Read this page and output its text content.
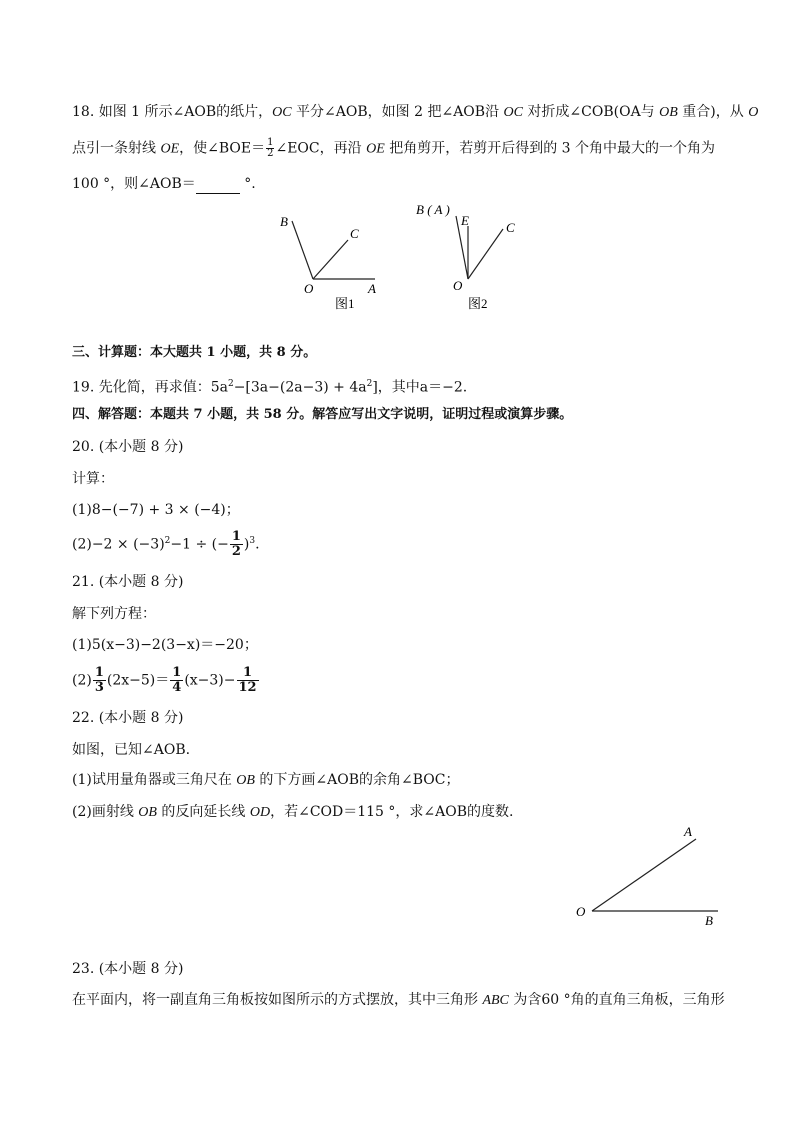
18. 如图 1 所示∠AOB的纸片，OC 平分∠AOB，如图 2 把∠AOB沿 OC 对折成∠COB(OA与 OB 重合)，从 O
点引一条射线 OE，使∠BOE＝ $\frac{1}{2}$ ∠EOC，再沿 OE 把角剪开，若剪开后得到的 3 个角中最大的一个角为
100 °，则∠AOB＝	°.
B
C
O	A
图1
B ( A )
E	C
O
图2
三、计算题：本大题共 1 小题，共 8 分。
19. 先化简，再求值：$5a^2-[3a-(2a-3) + 4a^2]$，其中a＝−2.
四、解答题：本题共 7 小题，共 58 分。解答应写出文字说明，证明过程或演算步骤。
20. (本小题 8 分)
计算：
(1)8−(−7) + 3 × (−4)；
$(2)-2 \times (-3)^2-1$ ÷ (− $\frac{1}{2} )^3$.
21. (本小题 8 分)
解下列方程：
(1)5(x−3)−2(3−x)＝−20；
$(2) \frac{1}{3} (2x-5)= \frac{1}{4} (x-3)- \frac{1}{12}$
22. (本小题 8 分)
如图，已知∠AOB.
(1)试用量角器或三角尺在 OB 的下方画∠AOB的余角∠BOC；
(2)画射线 OB 的反向延长线 OD，若∠COD＝115 °，求∠AOB的度数.
A
O
B
23. (本小题 8 分)
在平面内，将一副直角三角板按如图所示的方式摆放，其中三角形 ABC 为含60 °角的直角三角板，三角形
